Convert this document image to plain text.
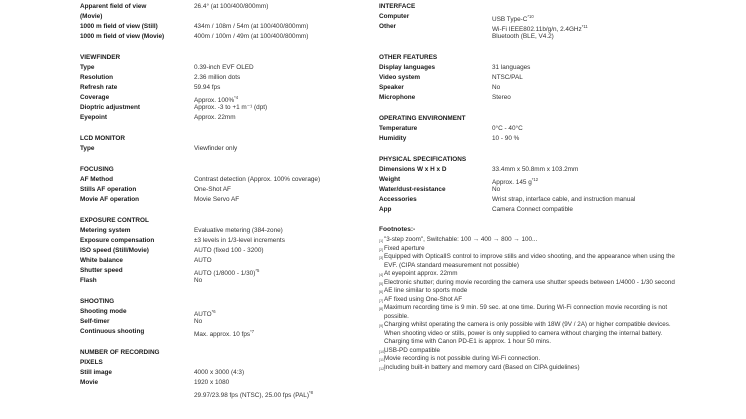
Apparent field of view	26.4° (at 100/400/800mm)
(Movie)
1000 m field of view (Still)	434m / 108m / 54m (at 100/400/800mm)
1000 m field of view (Movie)	400m / 100m / 49m (at 100/400/800mm)
VIEWFINDER
Type	0.39-inch EVF OLED
Resolution	2.36 million dots
Refresh rate	59.94 fps
Coverage	Approx. 100%$^{*4}$
Dioptric adjustment	Approx. -3 to +1 m⁻¹ (dpt)
Eyepoint	Approx. 22mm
LCD MONITOR
Type	Viewfinder only
FOCUSING
AF Method	Contrast detection (Approx. 100% coverage)
Stills AF operation	One-Shot AF
Movie AF operation	Movie Servo AF
EXPOSURE CONTROL
Metering system	Evaluative metering (384-zone)
Exposure compensation	±3 levels in 1/3-level increments
ISO speed (Still/Movie)	AUTO (fixed 100 - 3200)
White balance	AUTO
Shutter speed	AUTO (1/8000 - 1/30)$^{*5}$
Flash	No
SHOOTING
Shooting mode	AUTO$^{*6}$
Self-timer	No
Continuous shooting	Max. approx. 10 fps$^{*7}$
NUMBER OF RECORDING
PIXELS
Still image	4000 x 3000 (4:3)
Movie	1920 x 1080
29.97/23.98 fps (NTSC), 25.00 fps (PAL)$^{*8}$
INTERFACE
Computer	USB Type-$C^{*10}$
Other	Wi-Fi IEEE802.11b/g/n, 2.4GHz$^{*11}$
Bluetooth (BLE, V4.2)
OTHER FEATURES
Display languages	31 languages
Video system	NTSC/PAL
Speaker	No
Microphone	Stereo
OPERATING ENVIRONMENT
Temperature	0°C - 40°C
Humidity	10 - 90 %
PHYSICAL SPECIFICATIONS
Dimensions W x H x D	33.4mm x 50.8mm x 103.2mm
Weight	Approx. 145 $g^{*12}$
Water/dust-resistance	No
Accessories	Wrist strap, interface cable, and instruction manual
App	Camera Connect compatible
Footnotes:-
[1] "3-step zoom", Switchable: 100 → 400 → 800 → 100...
[2] Fixed aperture
[3] Equipped with OpticalIS control to improve stills and video shooting, and the appearance when using the EVF. (CIPA standard measurement not possible)
[4] At eyepoint approx. 22mm
[5] Electronic shutter; during movie recording the camera use shutter speeds between 1/4000 - 1/30 second
[6] AE line similar to sports mode
[7] AF fixed using One-Shot AF
[8] Maximum recording time is 9 min. 59 sec. at one time. During Wi-Fi connection movie recording is not possible.
[9] Charging whilst operating the camera is only possible with 18W (9V / 2A) or higher compatible devices. When shooting video or stills, power is only supplied to camera without charging the internal battery. Charging time with Canon PD-E1 is approx. 1 hour 50 mins.
[10]
USB-PD compatible
[11]
Movie recording is not possible during Wi-Fi connection.
[12]
Including built-in battery and memory card (Based on CIPA guidelines)
